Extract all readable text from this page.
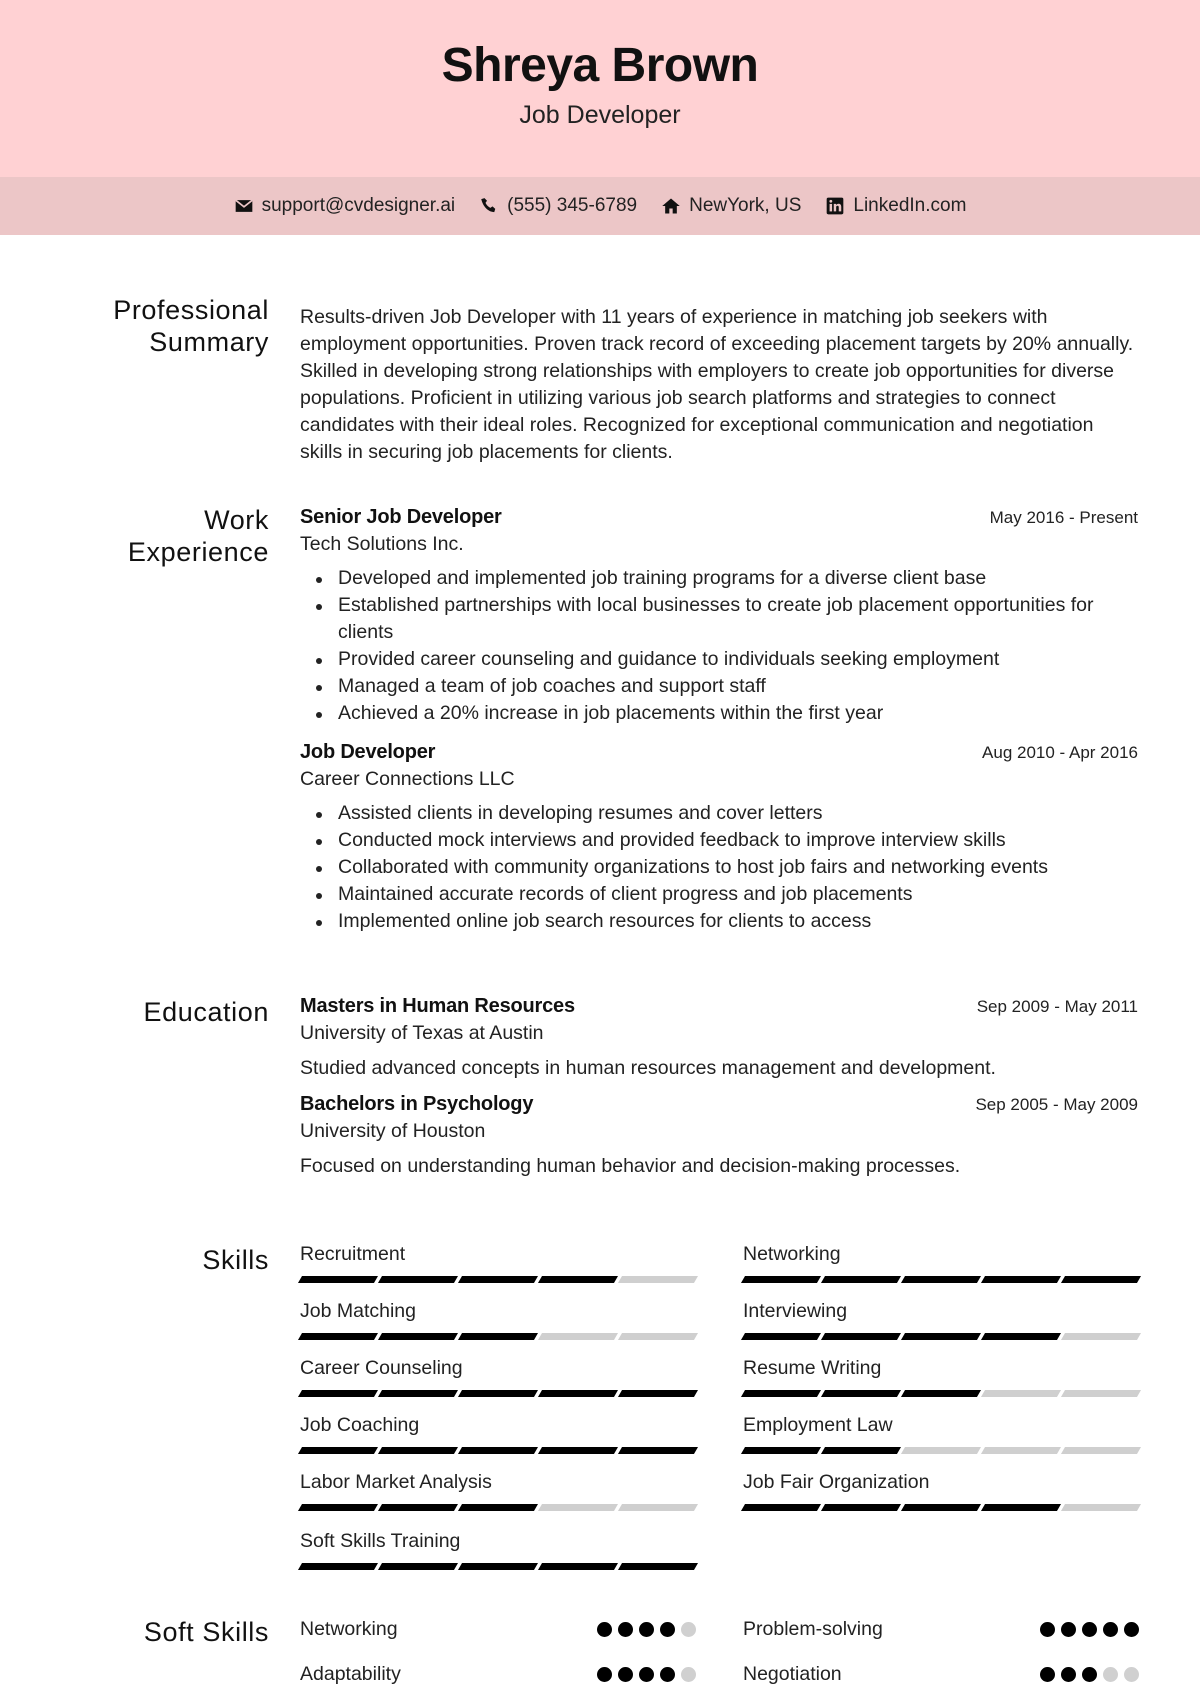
Shreya Brown
Job Developer
support@cvdesigner.ai	(555) 345-6789	NewYork, US	LinkedIn.com
Professional
Summary

Results-driven Job Developer with 11 years of experience in matching job seekers with employment opportunities. Proven track record of exceeding placement targets by 20% annually. Skilled in developing strong relationships with employers to create job opportunities for diverse populations. Proficient in utilizing various job search platforms and strategies to connect candidates with their ideal roles. Recognized for exceptional communication and negotiation skills in securing job placements for clients.

Work
Experience
Senior Job Developer	May 2016 - Present
Tech Solutions Inc.
Developed and implemented job training programs for a diverse client base
Established partnerships with local businesses to create job placement opportunities for clients
Provided career counseling and guidance to individuals seeking employment
Managed a team of job coaches and support staff
Achieved a 20% increase in job placements within the first year
Job Developer	Aug 2010 - Apr 2016
Career Connections LLC
Assisted clients in developing resumes and cover letters
Conducted mock interviews and provided feedback to improve interview skills
Collaborated with community organizations to host job fairs and networking events
Maintained accurate records of client progress and job placements
Implemented online job search resources for clients to access
Education Masters in Human Resources	Sep 2009 - May 2011
University of Texas at Austin
Studied advanced concepts in human resources management and development.
Bachelors in Psychology	Sep 2005 - May 2009
University of Houston
Focused on understanding human behavior and decision-making processes.
Skills Recruitment	Networking
Job Matching	Interviewing
Career Counseling	Resume Writing
Job Coaching	Employment Law
Labor Market Analysis	Job Fair Organization
Soft Skills Training
Soft Skills Networking	Problem-solving
Adaptability	Negotiation
